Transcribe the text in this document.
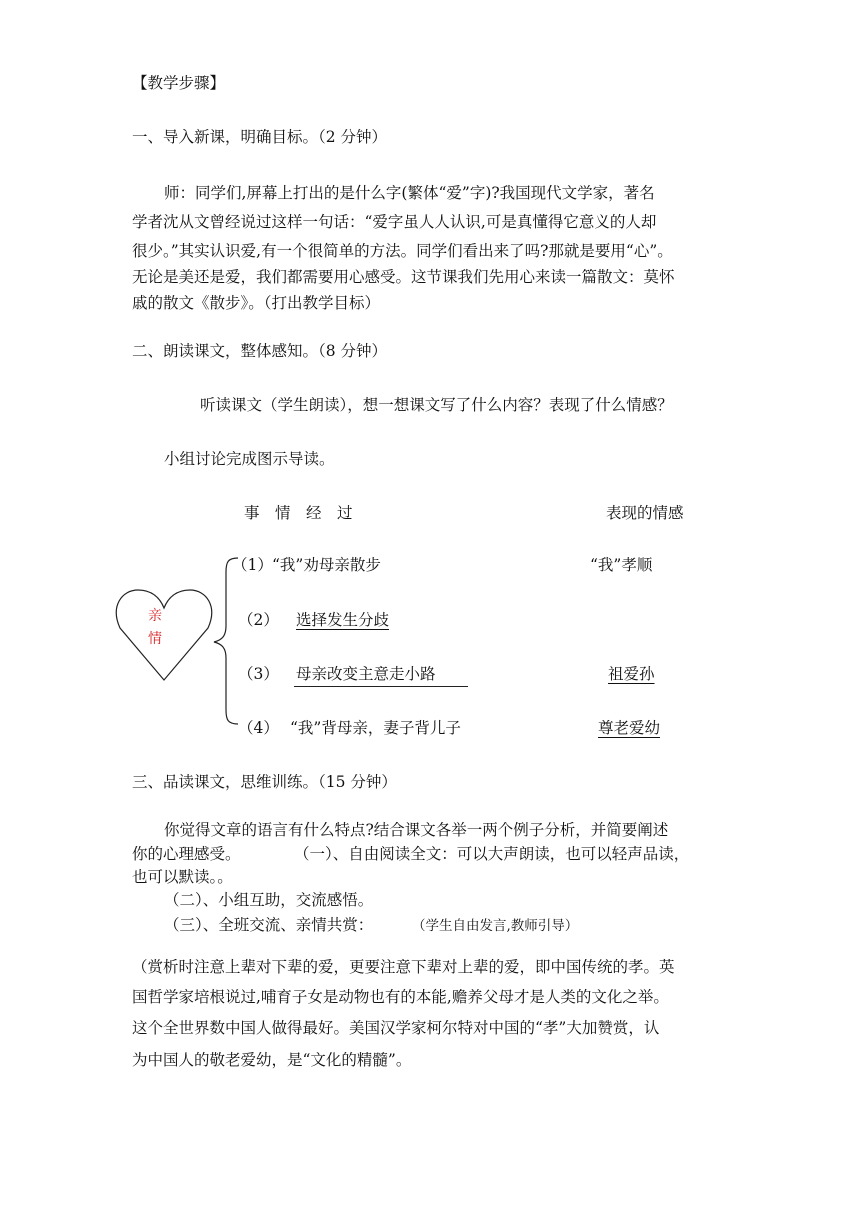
【教学步骤】
一、导入新课，明确目标。（2 分钟）
师：同学们,屏幕上打出的是什么字(繁体“爱”字)?我国现代文学家，著名
学者沈从文曾经说过这样一句话：“爱字虽人人认识,可是真懂得它意义的人却
很少。”其实认识爱,有一个很简单的方法。同学们看出来了吗?那就是要用“心”。
无论是美还是爱，我们都需要用心感受。这节课我们先用心来读一篇散文：莫怀
戚的散文《散步》。（打出教学目标）
二、朗读课文，整体感知。（8 分钟）
听读课文（学生朗读），想一想课文写了什么内容？表现了什么情感？
小组讨论完成图示导读。
事　情　经　过	表现的情感
亲
情
（1） “我”劝母亲散步	“我”孝顺
（2） 选择发生分歧
（3） 母亲改变主意走小路	祖爱孙
（4） “我”背母亲，妻子背儿子	尊老爱幼
三、品读课文，思维训练。（15 分钟）
你觉得文章的语言有什么特点?结合课文各举一两个例子分析，并简要阐述
你的心理感受。	（一）、自由阅读全文：可以大声朗读，也可以轻声品读，
也可以默读。。
（二）、小组互助，交流感悟。
（三）、全班交流、亲情共赏：	（学生自由发言,教师引导）
（赏析时注意上辈对下辈的爱，更要注意下辈对上辈的爱，即中国传统的孝。英
国哲学家培根说过,哺育子女是动物也有的本能,赡养父母才是人类的文化之举。
这个全世界数中国人做得最好。美国汉学家柯尔特对中国的“孝”大加赞赏，认
为中国人的敬老爱幼，是“文化的精髓”。
